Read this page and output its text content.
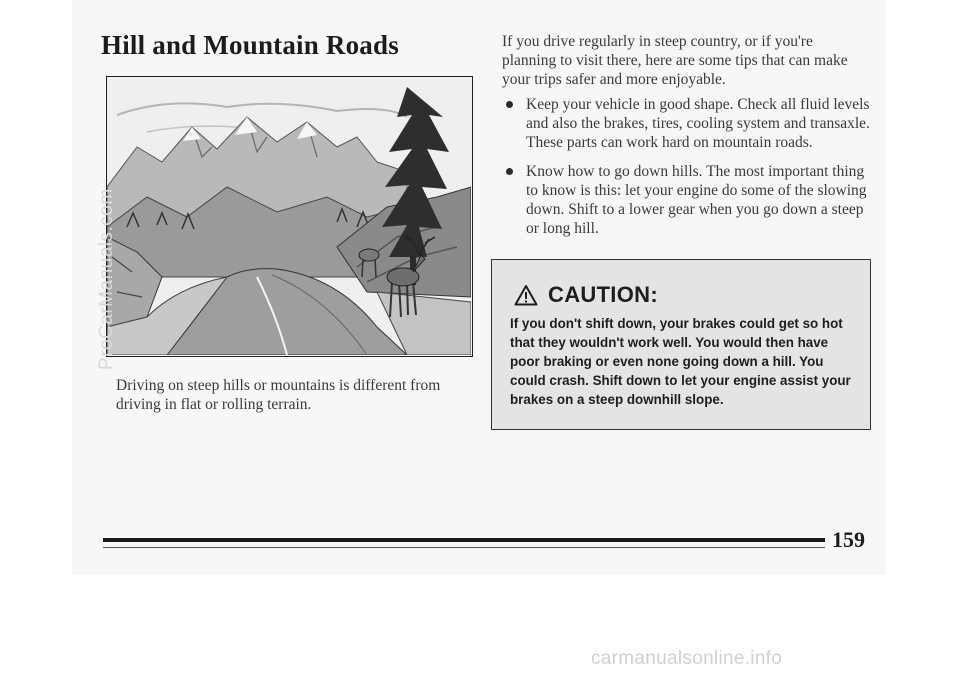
Hill and Mountain Roads
ProCarManuals.com

Driving on steep hills or mountains is different from driving in flat or rolling terrain.

If you drive regularly in steep country, or if you're planning to visit there, here are some tips that can make your trips safer and more enjoyable.

Keep your vehicle in good shape. Check all fluid levels and also the brakes, tires, cooling system and transaxle. These parts can work hard on mountain roads.
Know how to go down hills. The most important thing to know is this: let your engine do some of the slowing down. Shift to a lower gear when you go down a steep or long hill.
CAUTION:

If you don't shift down, your brakes could get so hot that they wouldn't work well. You would then have poor braking or even none going down a hill. You could crash. Shift down to let your engine assist your brakes on a steep downhill slope.

159
carmanualsonline.info
